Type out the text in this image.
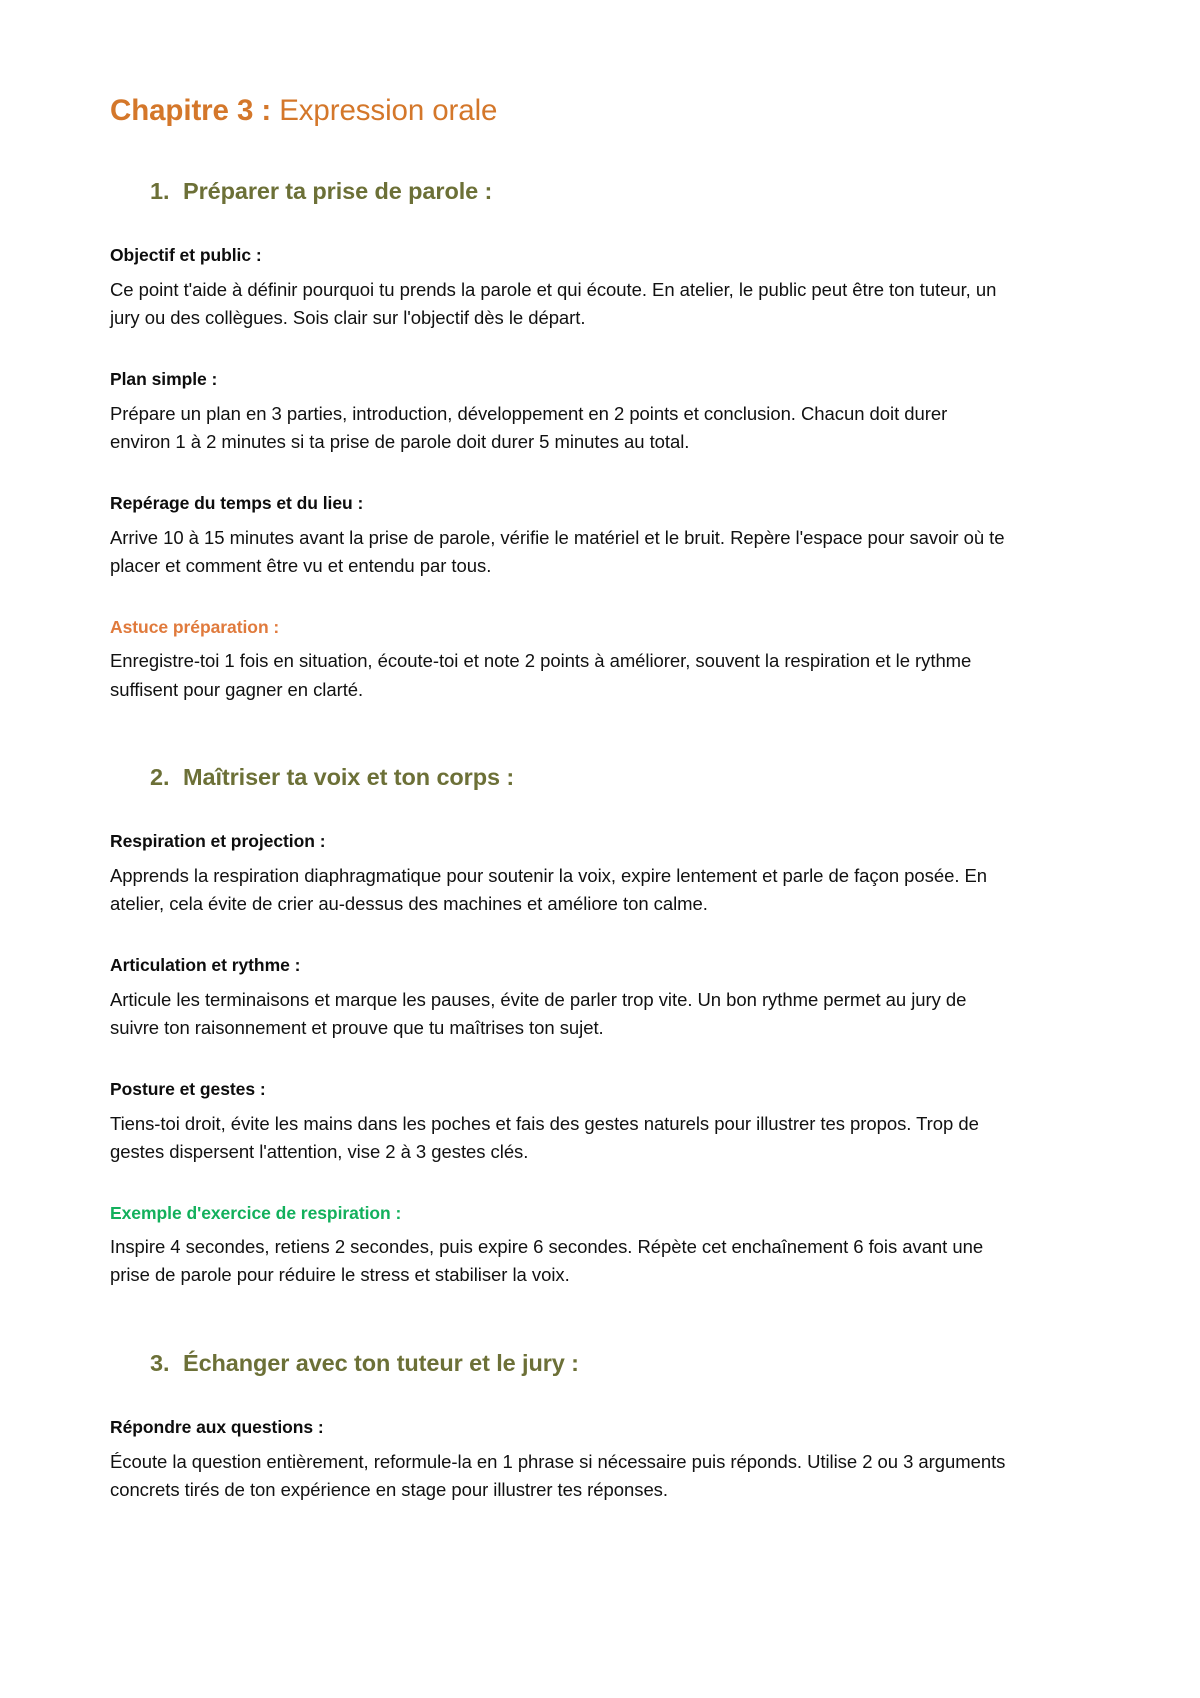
Chapitre 3 : Expression orale
1. Préparer ta prise de parole :
Objectif et public :

Ce point t'aide à définir pourquoi tu prends la parole et qui écoute. En atelier, le public peut être ton tuteur, un jury ou des collègues. Sois clair sur l'objectif dès le départ.

Plan simple :

Prépare un plan en 3 parties, introduction, développement en 2 points et conclusion. Chacun doit durer environ 1 à 2 minutes si ta prise de parole doit durer 5 minutes au total.

Repérage du temps et du lieu :

Arrive 10 à 15 minutes avant la prise de parole, vérifie le matériel et le bruit. Repère l'espace pour savoir où te placer et comment être vu et entendu par tous.

Astuce préparation :

Enregistre-toi 1 fois en situation, écoute-toi et note 2 points à améliorer, souvent la respiration et le rythme suffisent pour gagner en clarté.

2. Maîtriser ta voix et ton corps :
Respiration et projection :

Apprends la respiration diaphragmatique pour soutenir la voix, expire lentement et parle de façon posée. En atelier, cela évite de crier au-dessus des machines et améliore ton calme.

Articulation et rythme :

Articule les terminaisons et marque les pauses, évite de parler trop vite. Un bon rythme permet au jury de suivre ton raisonnement et prouve que tu maîtrises ton sujet.

Posture et gestes :

Tiens-toi droit, évite les mains dans les poches et fais des gestes naturels pour illustrer tes propos. Trop de gestes dispersent l'attention, vise 2 à 3 gestes clés.

Exemple d'exercice de respiration :

Inspire 4 secondes, retiens 2 secondes, puis expire 6 secondes. Répète cet enchaînement 6 fois avant une prise de parole pour réduire le stress et stabiliser la voix.

3. Échanger avec ton tuteur et le jury :
Répondre aux questions :

Écoute la question entièrement, reformule-la en 1 phrase si nécessaire puis réponds. Utilise 2 ou 3 arguments concrets tirés de ton expérience en stage pour illustrer tes réponses.
